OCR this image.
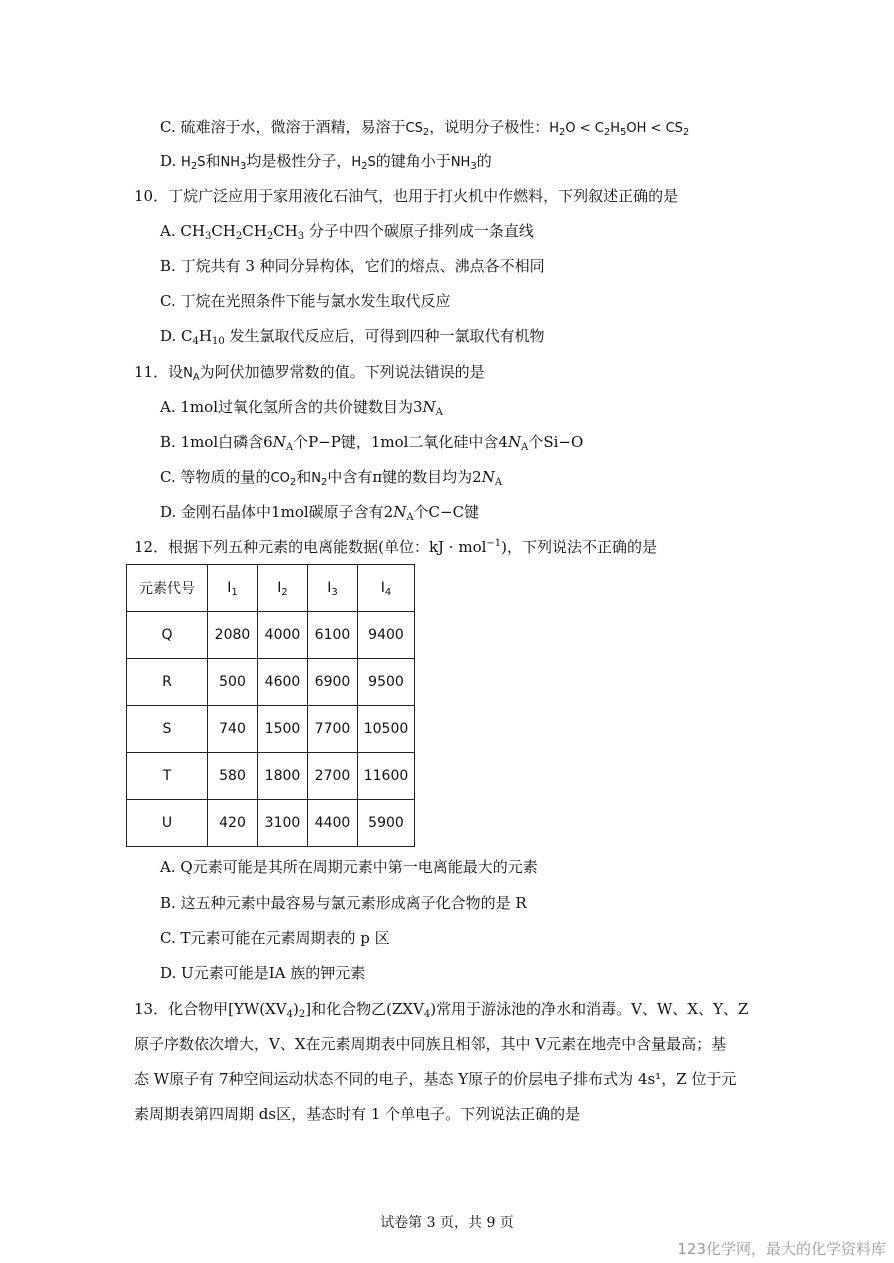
C. 硫难溶于水，微溶于酒精，易溶于$CS_2$，说明分子极性：$H_2O < C_2H_5OH < CS_2$
D. $H_2S$和$NH_3$均是极性分子，$H_2S$的键角小于$NH_3$的
10．丁烷广泛应用于家用液化石油气，也用于打火机中作燃料，下列叙述正确的是
A. $CH_3CH_2CH_2CH_3$ 分子中四个碳原子排列成一条直线
B. 丁烷共有 3 种同分异构体，它们的熔点、沸点各不相同
C. 丁烷在光照条件下能与氯水发生取代反应
D. $C_4H_{10}$ 发生氯取代反应后，可得到四种一氯取代有机物
11．设$N_A$为阿伏加德罗常数的值。下列说法错误的是
A. 1mol过氧化氢所含的共价键数目为$3N_A$
B. 1mol白磷含$6N_A$个P−P键，1mol二氧化硅中含$4N_A$个Si−O
C. 等物质的量的$CO_2$和$N_2$中含有π键的数目均为$2N_A$
D. 金刚石晶体中1mol碳原子含有$2N_A$个C−C键
12．根据下列五种元素的电离能数据(单位：kJ · mol$^{-1}$)，下列说法不正确的是
元素代号	$I_1$	$I_2$	$I_3$	$I_4$
Q	2080	4000	6100	9400
R	500	4600	6900	9500
S	740	1500	7700	10500
T	580	1800	2700	11600
U	420	3100	4400	5900
A. Q元素可能是其所在周期元素中第一电离能最大的元素
B. 这五种元素中最容易与氯元素形成离子化合物的是 R
C. T元素可能在元素周期表的 p 区
D. U元素可能是IA 族的钾元素
13．化合物甲$[YW(XV_4)_2]$和化合物乙$(ZXV_4)$常用于游泳池的净水和消毒。V、W、X、Y、Z
原子序数依次增大，V、X在元素周期表中同族且相邻，其中 V元素在地壳中含量最高；基
态 W原子有 7种空间运动状态不同的电子，基态 Y原子的价层电子排布式为 4s¹，Z 位于元
素周期表第四周期 ds区，基态时有 1 个单电子。下列说法正确的是
试卷第 3 页，共 9 页
123化学网，最大的化学资料库
